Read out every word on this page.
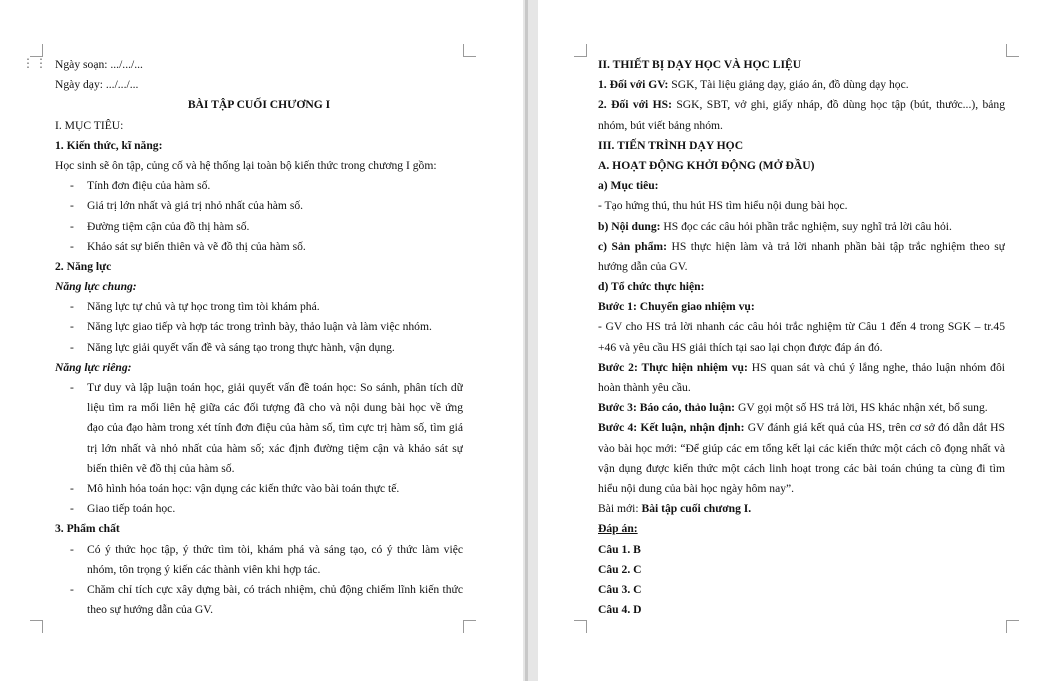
⋮⋮ Ngày soạn: .../.../...
Ngày dạy: .../.../...
BÀI TẬP CUỐI CHƯƠNG I
I. MỤC TIÊU:
1. Kiến thức, kĩ năng:
Học sinh sẽ ôn tập, củng cố và hệ thống lại toàn bộ kiến thức trong chương I gồm:
- Tính đơn điệu của hàm số.
- Giá trị lớn nhất và giá trị nhỏ nhất của hàm số.
- Đường tiệm cận của đồ thị hàm số.
- Khảo sát sự biến thiên và vẽ đồ thị của hàm số.
2. Năng lực
Năng lực chung:
- Năng lực tự chủ và tự học trong tìm tòi khám phá.
- Năng lực giao tiếp và hợp tác trong trình bày, thảo luận và làm việc nhóm.
- Năng lực giải quyết vấn đề và sáng tạo trong thực hành, vận dụng.
Năng lực riêng:
- Tư duy và lập luận toán học, giải quyết vấn đề toán học: So sánh, phân tích dữ
liệu tìm ra mối liên hệ giữa các đối tượng đã cho và nội dung bài học về ứng
đạo của đạo hàm trong xét tính đơn điệu của hàm số, tìm cực trị hàm số, tìm giá
trị lớn nhất và nhỏ nhất của hàm số; xác định đường tiệm cận và khảo sát sự
biến thiên vẽ đồ thị của hàm số.
- Mô hình hóa toán học: vận dụng các kiến thức vào bài toán thực tế.
- Giao tiếp toán học.
3. Phẩm chất
- Có ý thức học tập, ý thức tìm tòi, khám phá và sáng tạo, có ý thức làm việc
nhóm, tôn trọng ý kiến các thành viên khi hợp tác.
- Chăm chỉ tích cực xây dựng bài, có trách nhiệm, chủ động chiếm lĩnh kiến thức
theo sự hướng dẫn của GV.
II. THIẾT BỊ DẠY HỌC VÀ HỌC LIỆU
1. Đối với GV: SGK, Tài liệu giảng dạy, giáo án, đồ dùng dạy học.
2. Đối với HS: SGK, SBT, vở ghi, giấy nháp, đồ dùng học tập (bút, thước...), bảng
nhóm, bút viết bảng nhóm.
III. TIẾN TRÌNH DẠY HỌC
A. HOẠT ĐỘNG KHỞI ĐỘNG (MỞ ĐẦU)
a) Mục tiêu:
- Tạo hứng thú, thu hút HS tìm hiểu nội dung bài học.
b) Nội dung: HS đọc các câu hỏi phần trắc nghiệm, suy nghĩ trả lời câu hỏi.
c) Sản phẩm: HS thực hiện làm và trả lời nhanh phần bài tập trắc nghiệm theo sự
hướng dẫn của GV.
d) Tổ chức thực hiện:
Bước 1: Chuyển giao nhiệm vụ:
- GV cho HS trả lời nhanh các câu hỏi trắc nghiệm từ Câu 1 đến 4 trong SGK – tr.45
+46 và yêu cầu HS giải thích tại sao lại chọn được đáp án đó.
Bước 2: Thực hiện nhiệm vụ: HS quan sát và chú ý lắng nghe, thảo luận nhóm đôi
hoàn thành yêu cầu.
Bước 3: Báo cáo, thảo luận: GV gọi một số HS trả lời, HS khác nhận xét, bổ sung.
Bước 4: Kết luận, nhận định: GV đánh giá kết quả của HS, trên cơ sở đó dẫn dắt HS
vào bài học mới: “Để giúp các em tổng kết lại các kiến thức một cách cô đọng nhất và
vận dụng được kiến thức một cách linh hoạt trong các bài toán chúng ta cùng đi tìm
hiểu nội dung của bài học ngày hôm nay”.
Bài mới: Bài tập cuối chương I.
Đáp án:
Câu 1. B
Câu 2. C
Câu 3. C
Câu 4. D
